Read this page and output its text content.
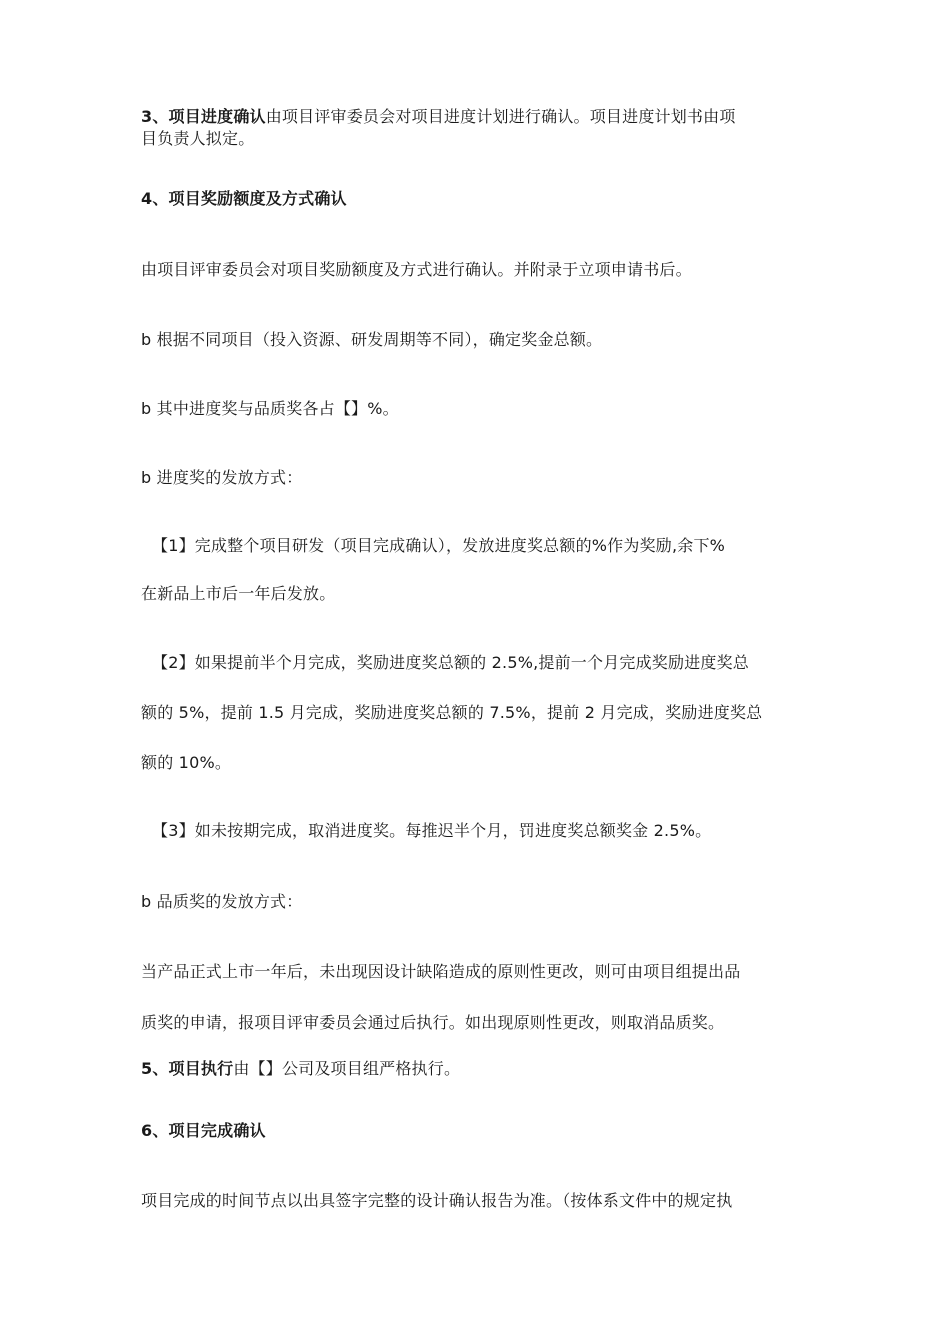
3、项目进度确认由项目评审委员会对项目进度计划进行确认。项目进度计划书由项
目负责人拟定。
4、项目奖励额度及方式确认
由项目评审委员会对项目奖励额度及方式进行确认。并附录于立项申请书后。
b 根据不同项目（投入资源、研发周期等不同），确定奖金总额。
b 其中进度奖与品质奖各占【】%。
b 进度奖的发放方式：
【1】完成整个项目研发（项目完成确认），发放进度奖总额的%作为奖励,余下%
在新品上市后一年后发放。
【2】如果提前半个月完成，奖励进度奖总额的 2.5%,提前一个月完成奖励进度奖总
额的 5%，提前 1.5 月完成，奖励进度奖总额的 7.5%，提前 2 月完成，奖励进度奖总
额的 10%。
【3】如未按期完成，取消进度奖。每推迟半个月，罚进度奖总额奖金 2.5%。
b 品质奖的发放方式：
当产品正式上市一年后，未出现因设计缺陷造成的原则性更改，则可由项目组提出品
质奖的申请，报项目评审委员会通过后执行。如出现原则性更改，则取消品质奖。
5、项目执行由【】公司及项目组严格执行。
6、项目完成确认
项目完成的时间节点以出具签字完整的设计确认报告为准。（按体系文件中的规定执
